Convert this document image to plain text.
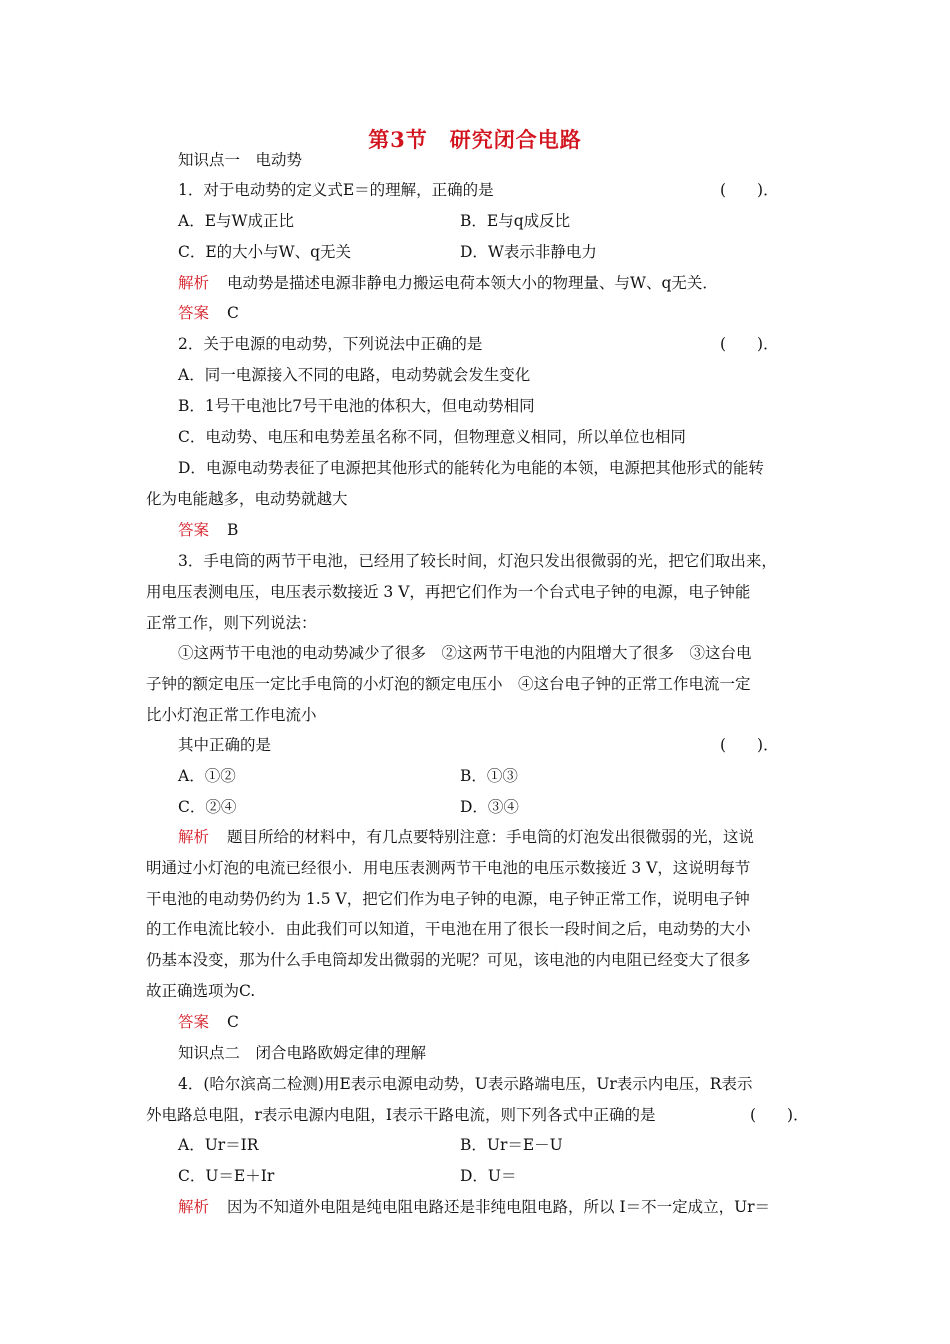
第3节　研究闭合电路
知识点一　电动势
1．对于电动势的定义式E＝的理解，正确的是	(　　)．
A．E与W成正比	B．E与q成反比
C．E的大小与W、q无关	D．W表示非静电力
解析 电动势是描述电源非静电力搬运电荷本领大小的物理量、与W、q无关．
答案 C
2．关于电源的电动势，下列说法中正确的是	(　　)．
A．同一电源接入不同的电路，电动势就会发生变化
B．1号干电池比7号干电池的体积大，但电动势相同
C．电动势、电压和电势差虽名称不同，但物理意义相同，所以单位也相同
D．电源电动势表征了电源把其他形式的能转化为电能的本领，电源把其他形式的能转
化为电能越多，电动势就越大
答案 B
3．手电筒的两节干电池，已经用了较长时间，灯泡只发出很微弱的光，把它们取出来，
用电压表测电压，电压表示数接近 3 V，再把它们作为一个台式电子钟的电源，电子钟能
正常工作，则下列说法：
①这两节干电池的电动势减少了很多　②这两节干电池的内阻增大了很多　③这台电
子钟的额定电压一定比手电筒的小灯泡的额定电压小　④这台电子钟的正常工作电流一定
比小灯泡正常工作电流小
其中正确的是	(　　)．
A．①②	B．①③
C．②④	D．③④
解析 题目所给的材料中，有几点要特别注意：手电筒的灯泡发出很微弱的光，这说
明通过小灯泡的电流已经很小．用电压表测两节干电池的电压示数接近 3 V，这说明每节
干电池的电动势仍约为 1.5 V，把它们作为电子钟的电源，电子钟正常工作，说明电子钟
的工作电流比较小．由此我们可以知道，干电池在用了很长一段时间之后，电动势的大小
仍基本没变，那为什么手电筒却发出微弱的光呢？可见，该电池的内电阻已经变大了很多
故正确选项为C.
答案 C
知识点二　闭合电路欧姆定律的理解
4．(哈尔滨高二检测)用E表示电源电动势，U表示路端电压，Ur表示内电压，R表示
外电路总电阻，r表示电源内电阻，I表示干路电流，则下列各式中正确的是	(　　)．
A．Ur＝IR	B．Ur＝E－U
C．U＝E＋Ir	D．U＝
解析 因为不知道外电阻是纯电阻电路还是非纯电阻电路，所以 I＝不一定成立，Ur＝
